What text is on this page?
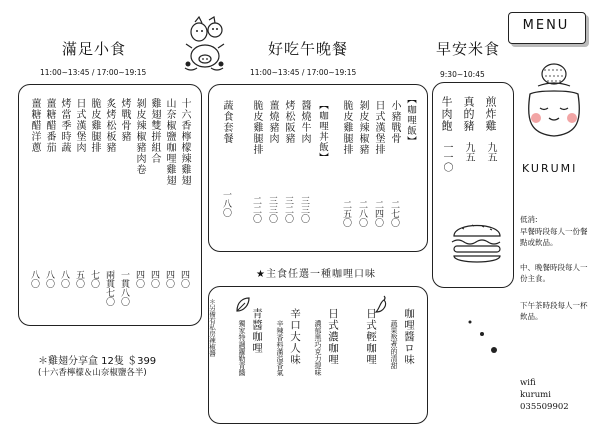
MENU
滿足小食
11:00~13:45 / 17:00~19:15
好吃午晚餐
11:00~13:45 / 17:00~19:15
早安米食
9:30~10:45
十六香檸檬辣雞翅
四〇
山奈椒鹽咖哩雞翅
四〇
雞翅雙拼組合
四〇
剝皮辣椒豬肉卷
四〇
烤戰骨豬
一貫八〇
炙烤松板豬
兩貫七〇
脆皮雞腿排
七〇
日式漢堡肉
五〇
烤當季時蔬
八〇
薑糖醋番茄
八〇
薑糖醋洋蔥
八〇
【咖哩飯】
小豬戰骨
二七〇
日式漢堡排
二四〇
剝皮辣椒豬
二八〇
脆皮雞腿排
二五〇
【咖哩丼飯】
醬燒牛肉
三三〇
烤松阪豬
三二〇
薑燒豬肉
三三〇
脆皮雞腿排
二二〇
蔬食套餐
一八〇
★主食任選一種咖哩口味
煎炸雞
九五
真的豬
九五
牛肉飽
一一〇
咖哩醬ロ味
蔬果熬煮的清甜
日式輕咖哩
日式濃咖哩
濃郁黑巧克力提味
辛口大人味
辛辣香料滿溢香氣
青醬咖哩
獨家特調蘿勒青醬
＊另備有私房辣椒醬
＊雞翅分享盒 12隻 ＄399
(十六香檸檬＆山奈椒鹽各半)
KURUMI
低消:
早餐時段每人一份餐點或飲品。
中、晚餐時段每人一份主食。
下午茶時段每人一杯飲品。
wifi
kurumi
035509902
